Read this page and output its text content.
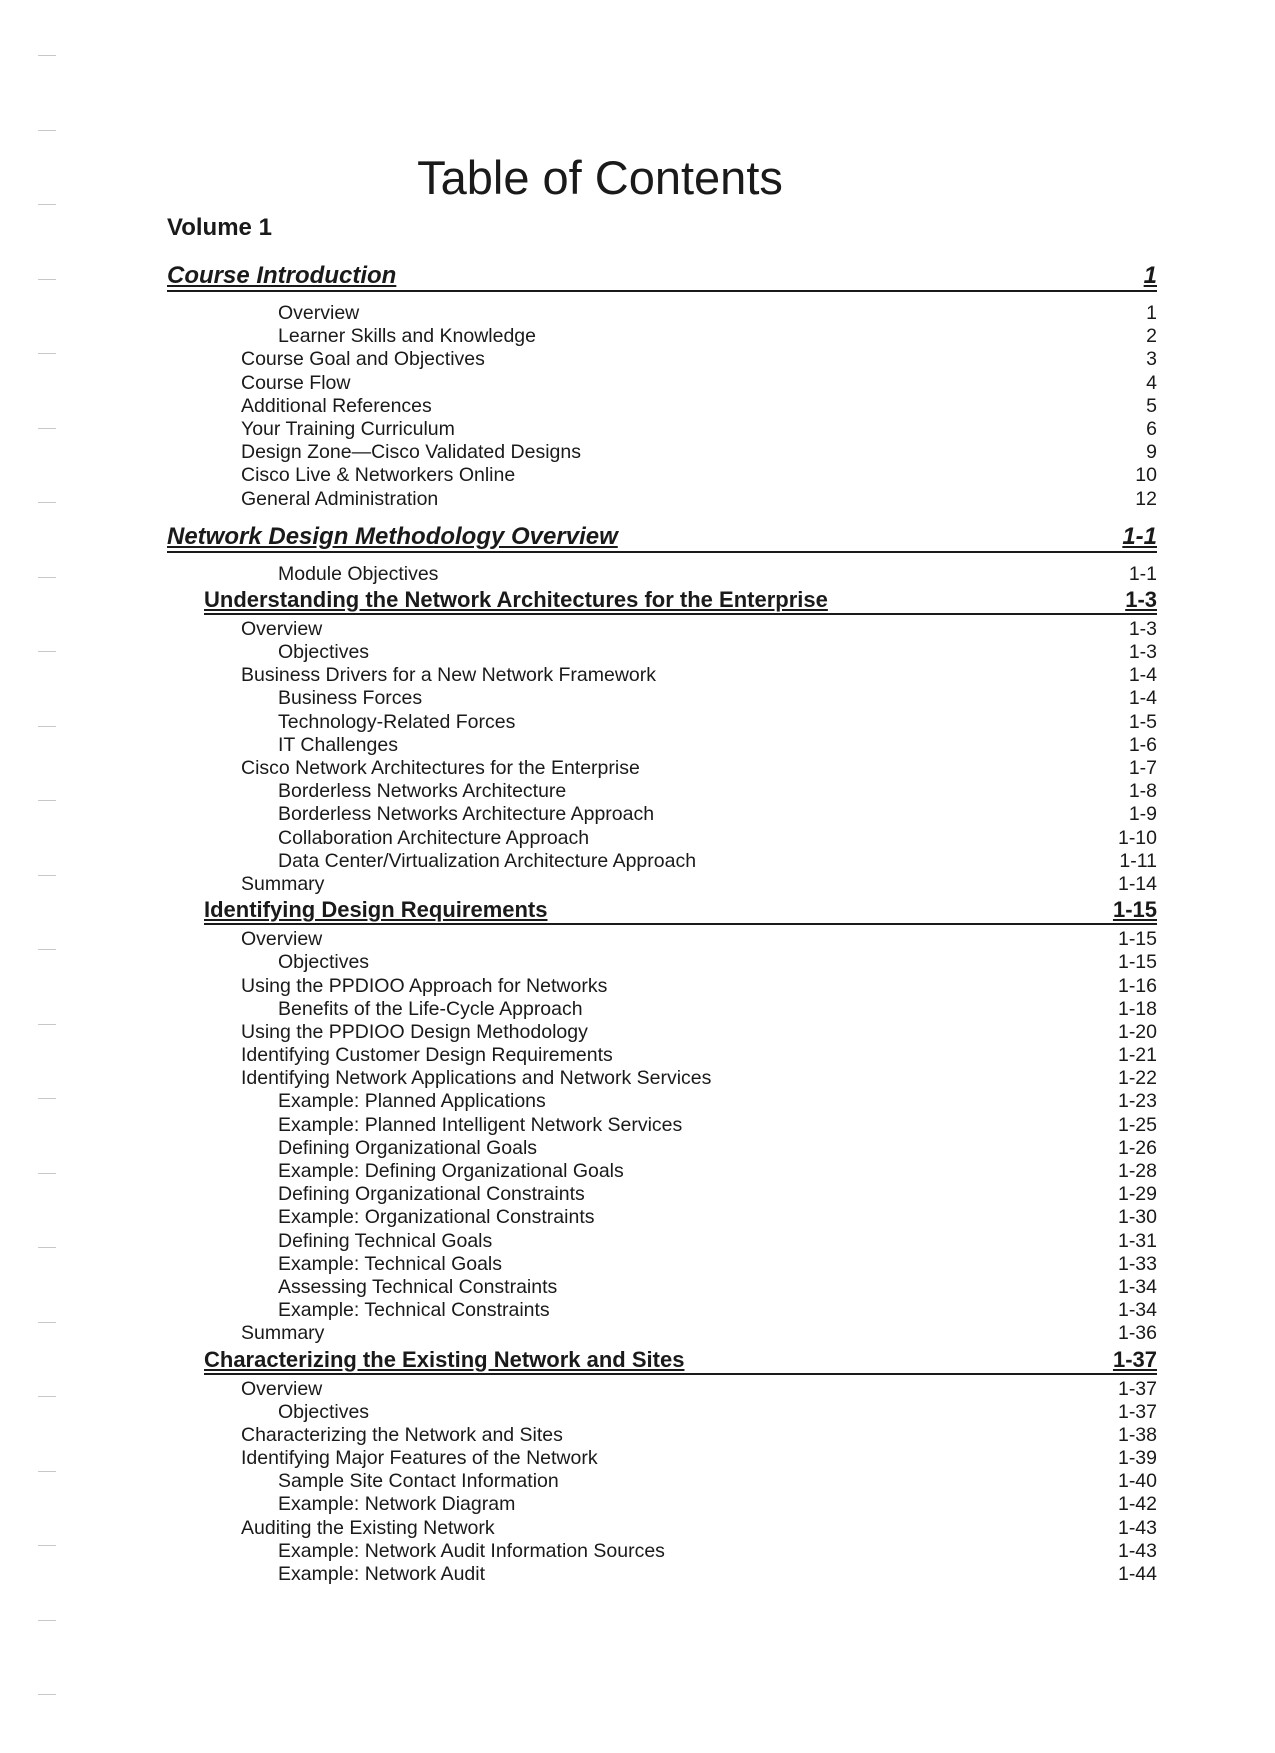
Table of Contents
Volume 1
Course Introduction	1
Overview	1
Learner Skills and Knowledge	2
Course Goal and Objectives	3
Course Flow	4
Additional References	5
Your Training Curriculum	6
Design Zone—Cisco Validated Designs	9
Cisco Live & Networkers Online	10
General Administration	12
Network Design Methodology Overview	1-1
Module Objectives	1-1
Understanding the Network Architectures for the Enterprise	1-3
Overview	1-3
Objectives	1-3
Business Drivers for a New Network Framework	1-4
Business Forces	1-4
Technology-Related Forces	1-5
IT Challenges	1-6
Cisco Network Architectures for the Enterprise	1-7
Borderless Networks Architecture	1-8
Borderless Networks Architecture Approach	1-9
Collaboration Architecture Approach	1-10
Data Center/Virtualization Architecture Approach	1-11
Summary	1-14
Identifying Design Requirements	1-15
Overview	1-15
Objectives	1-15
Using the PPDIOO Approach for Networks	1-16
Benefits of the Life-Cycle Approach	1-18
Using the PPDIOO Design Methodology	1-20
Identifying Customer Design Requirements	1-21
Identifying Network Applications and Network Services	1-22
Example: Planned Applications	1-23
Example: Planned Intelligent Network Services	1-25
Defining Organizational Goals	1-26
Example: Defining Organizational Goals	1-28
Defining Organizational Constraints	1-29
Example: Organizational Constraints	1-30
Defining Technical Goals	1-31
Example: Technical Goals	1-33
Assessing Technical Constraints	1-34
Example: Technical Constraints	1-34
Summary	1-36
Characterizing the Existing Network and Sites	1-37
Overview	1-37
Objectives	1-37
Characterizing the Network and Sites	1-38
Identifying Major Features of the Network	1-39
Sample Site Contact Information	1-40
Example: Network Diagram	1-42
Auditing the Existing Network	1-43
Example: Network Audit Information Sources	1-43
Example: Network Audit	1-44
